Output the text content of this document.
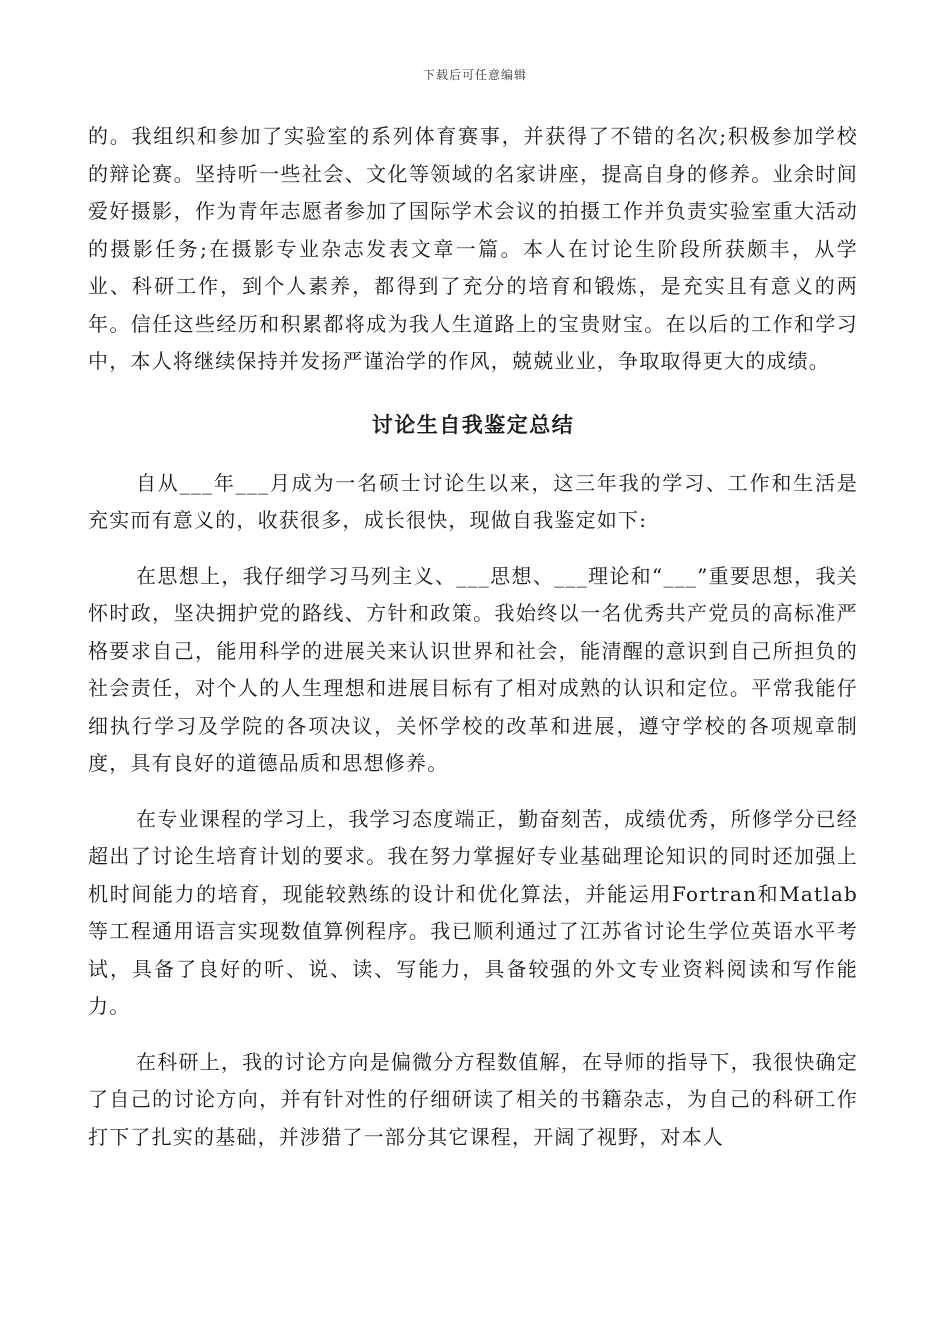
下载后可任意编辑

的。我组织和参加了实验室的系列体育赛事，并获得了不错的名次;积极参加学校的辩论赛。坚持听一些社会、文化等领域的名家讲座，提高自身的修养。业余时间爱好摄影，作为青年志愿者参加了国际学术会议的拍摄工作并负责实验室重大活动的摄影任务;在摄影专业杂志发表文章一篇。本人在讨论生阶段所获颇丰，从学业、科研工作，到个人素养，都得到了充分的培育和锻炼，是充实且有意义的两年。信任这些经历和积累都将成为我人生道路上的宝贵财宝。在以后的工作和学习中，本人将继续保持并发扬严谨治学的作风，兢兢业业，争取取得更大的成绩。

讨论生自我鉴定总结

自从___年___月成为一名硕士讨论生以来，这三年我的学习、工作和生活是充实而有意义的，收获很多，成长很快，现做自我鉴定如下:

在思想上，我仔细学习马列主义、___思想、___理论和“___”重要思想，我关怀时政，坚决拥护党的路线、方针和政策。我始终以一名优秀共产党员的高标准严格要求自己，能用科学的进展关来认识世界和社会，能清醒的意识到自己所担负的社会责任，对个人的人生理想和进展目标有了相对成熟的认识和定位。平常我能仔细执行学习及学院的各项决议，关怀学校的改革和进展，遵守学校的各项规章制度，具有良好的道德品质和思想修养。

在专业课程的学习上，我学习态度端正，勤奋刻苦，成绩优秀，所修学分已经超出了讨论生培育计划的要求。我在努力掌握好专业基础理论知识的同时还加强上机时间能力的培育，现能较熟练的设计和优化算法，并能运用Fortran和Matlab等工程通用语言实现数值算例程序。我已顺利通过了江苏省讨论生学位英语水平考试，具备了良好的听、说、读、写能力，具备较强的外文专业资料阅读和写作能力。

在科研上，我的讨论方向是偏微分方程数值解，在导师的指导下，我很快确定了自己的讨论方向，并有针对性的仔细研读了相关的书籍杂志，为自己的科研工作打下了扎实的基础，并涉猎了一部分其它课程，开阔了视野，对本人
